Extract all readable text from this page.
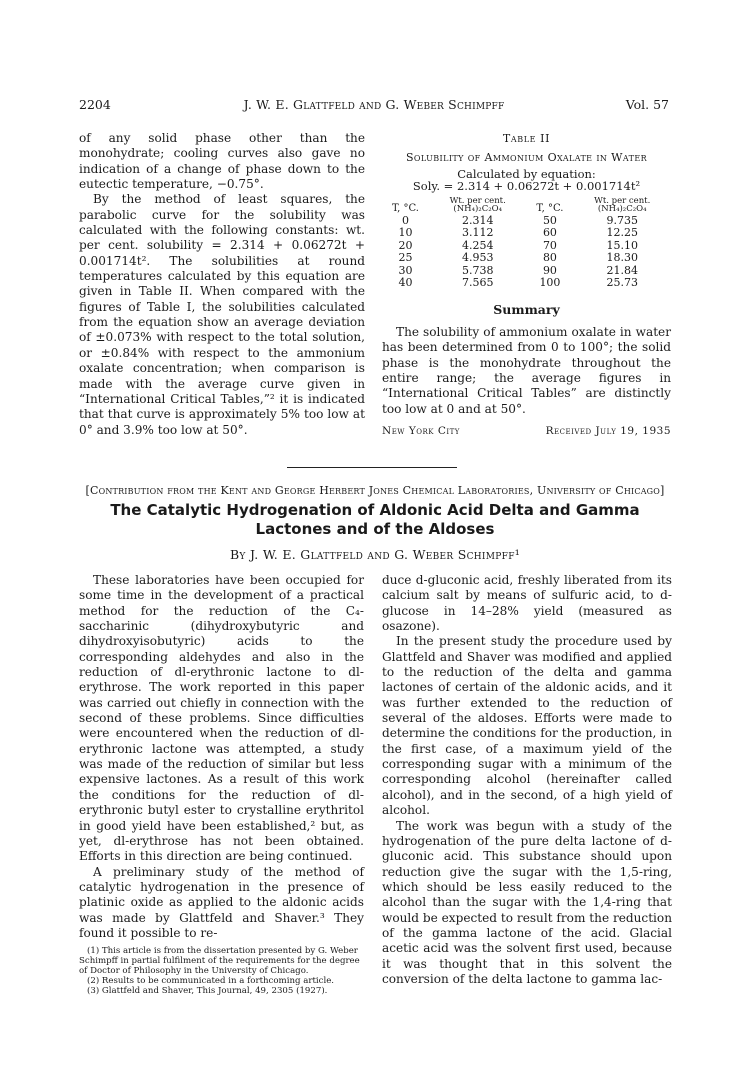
2204	J. W. E. Glattfeld and G. Weber Schimpff	Vol. 57

of any solid phase other than the monohydrate; cooling curves also gave no indication of a change of phase down to the eutectic temperature, −0.75°.

By the method of least squares, the parabolic curve for the solubility was calculated with the following constants: wt. per cent. solubility = 2.314 + 0.06272t + 0.001714t². The solubilities at round temperatures calculated by this equation are given in Table II. When compared with the figures of Table I, the solubilities calculated from the equation show an average deviation of ±0.073% with respect to the total solution, or ±0.84% with respect to the ammonium oxalate concentration; when comparison is made with the average curve given in “International Critical Tables,”² it is indicated that that curve is approximately 5% too low at 0° and 3.9% too low at 50°.

Table II
Solubility of Ammonium Oxalate in Water
Calculated by equation:
Soly. = 2.314 + 0.06272t + 0.001714t²
T, °C.	Wt. per cent.
(NH₄)₂C₂O₄	T, °C.	Wt. per cent.
(NH₄)₂C₂O₄

0	2.314	50	9.735
10	3.112	60	12.25
20	4.254	70	15.10
25	4.953	80	18.30
30	5.738	90	21.84
40	7.565	100	25.73
Summary

The solubility of ammonium oxalate in water has been determined from 0 to 100°; the solid phase is the monohydrate throughout the entire range; the average figures in “International Critical Tables” are distinctly too low at 0 and at 50°.

New York City	Received July 19, 1935
[Contribution from the Kent and George Herbert Jones Chemical Laboratories, University of Chicago]
The Catalytic Hydrogenation of Aldonic Acid Delta and Gamma Lactones and of the Aldoses
By J. W. E. Glattfeld and G. Weber Schimpff¹

These laboratories have been occupied for some time in the development of a practical method for the reduction of the C₄-saccharinic (dihydroxybutyric and dihydroxyisobutyric) acids to the corresponding aldehydes and also in the reduction of dl-erythronic lactone to dl-erythrose. The work reported in this paper was carried out chiefly in connection with the second of these problems. Since difficulties were encountered when the reduction of dl-erythronic lactone was attempted, a study was made of the reduction of similar but less expensive lactones. As a result of this work the conditions for the reduction of dl-erythronic butyl ester to crystalline erythritol in good yield have been established,² but, as yet, dl-erythrose has not been obtained. Efforts in this direction are being continued.

A preliminary study of the method of catalytic hydrogenation in the presence of platinic oxide as applied to the aldonic acids was made by Glattfeld and Shaver.³ They found it possible to re-

(1) This article is from the dissertation presented by G. Weber Schimpff in partial fulfilment of the requirements for the degree of Doctor of Philosophy in the University of Chicago.
(2) Results to be communicated in a forthcoming article.
(3) Glattfeld and Shaver, This Journal, 49, 2305 (1927).

duce d-gluconic acid, freshly liberated from its calcium salt by means of sulfuric acid, to d-glucose in 14–28% yield (measured as osazone).

In the present study the procedure used by Glattfeld and Shaver was modified and applied to the reduction of the delta and gamma lactones of certain of the aldonic acids, and it was further extended to the reduction of several of the aldoses. Efforts were made to determine the conditions for the production, in the first case, of a maximum yield of the corresponding sugar with a minimum of the corresponding alcohol (hereinafter called alcohol), and in the second, of a high yield of alcohol.

The work was begun with a study of the hydrogenation of the pure delta lactone of d-gluconic acid. This substance should upon reduction give the sugar with the 1,5-ring, which should be less easily reduced to the alcohol than the sugar with the 1,4-ring that would be expected to result from the reduction of the gamma lactone of the acid. Glacial acetic acid was the solvent first used, because it was thought that in this solvent the conversion of the delta lactone to gamma lac-
